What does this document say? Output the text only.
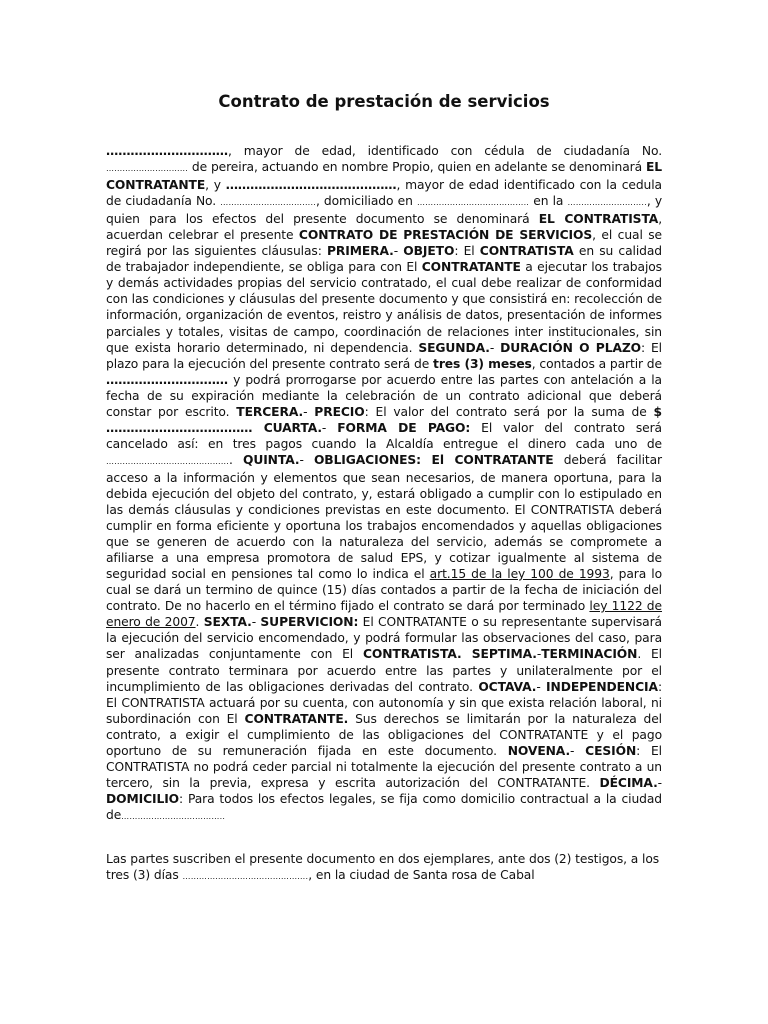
Contrato de prestación de servicios

…………………………, mayor de edad, identificado con cédula de ciudadanía No. ………………………… de pereira, actuando en nombre Propio, quien en adelante se denominará EL CONTRATANTE, y ……………………………………, mayor de edad identificado con la cedula de ciudadanía No. …………………………….., domiciliado en ………………………………….. en la ……………………….., y quien para los efectos del presente documento se denominará EL CONTRATISTA, acuerdan celebrar el presente CONTRATO DE PRESTACIÓN DE SERVICIOS, el cual se regirá por las siguientes cláusulas: PRIMERA.- OBJETO: El CONTRATISTA en su calidad de trabajador independiente, se obliga para con El CONTRATANTE a ejecutar los trabajos y demás actividades propias del servicio contratado, el cual debe realizar de conformidad con las condiciones y cláusulas del presente documento y que consistirá en: recolección de información, organización de eventos, reistro y análisis de datos, presentación de informes parciales y totales, visitas de campo, coordinación de relaciones inter institucionales, sin que exista horario determinado, ni dependencia. SEGUNDA.- DURACIÓN O PLAZO: El plazo para la ejecución del presente contrato será de tres (3) meses, contados a partir de ………………………… y podrá prorrogarse por acuerdo entre las partes con antelación a la fecha de su expiración mediante la celebración de un contrato adicional que deberá constar por escrito. TERCERA.- PRECIO: El valor del contrato será por la suma de $ ……………………………… CUARTA.- FORMA DE PAGO: El valor del contrato será cancelado así: en tres pagos cuando la Alcaldía entregue el dinero cada uno de ………………………………………. QUINTA.- OBLIGACIONES: El CONTRATANTE deberá facilitar acceso a la información y elementos que sean necesarios, de manera oportuna, para la debida ejecución del objeto del contrato, y, estará obligado a cumplir con lo estipulado en las demás cláusulas y condiciones previstas en este documento. El CONTRATISTA deberá cumplir en forma eficiente y oportuna los trabajos encomendados y aquellas obligaciones que se generen de acuerdo con la naturaleza del servicio, además se compromete a afiliarse a una empresa promotora de salud EPS, y cotizar igualmente al sistema de seguridad social en pensiones tal como lo indica el art.15 de la ley 100 de 1993, para lo cual se dará un termino de quince (15) días contados a partir de la fecha de iniciación del contrato. De no hacerlo en el término fijado el contrato se dará por terminado ley 1122 de enero de 2007. SEXTA.- SUPERVICION: El CONTRATANTE o su representante supervisará la ejecución del servicio encomendado, y podrá formular las observaciones del caso, para ser analizadas conjuntamente con El CONTRATISTA. SEPTIMA.-TERMINACIÓN. El presente contrato terminara por acuerdo entre las partes y unilateralmente por el incumplimiento de las obligaciones derivadas del contrato. OCTAVA.- INDEPENDENCIA: El CONTRATISTA actuará por su cuenta, con autonomía y sin que exista relación laboral, ni subordinación con El CONTRATANTE. Sus derechos se limitarán por la naturaleza del contrato, a exigir el cumplimiento de las obligaciones del CONTRATANTE y el pago oportuno de su remuneración fijada en este documento. NOVENA.- CESIÓN: El CONTRATISTA no podrá ceder parcial ni totalmente la ejecución del presente contrato a un tercero, sin la previa, expresa y escrita autorización del CONTRATANTE. DÉCIMA.-DOMICILIO: Para todos los efectos legales, se fija como domicilio contractual a la ciudad de………………………………..

Las partes suscriben el presente documento en dos ejemplares, ante dos (2) testigos, a los tres (3) días ………………………………………., en la ciudad de Santa rosa de Cabal
